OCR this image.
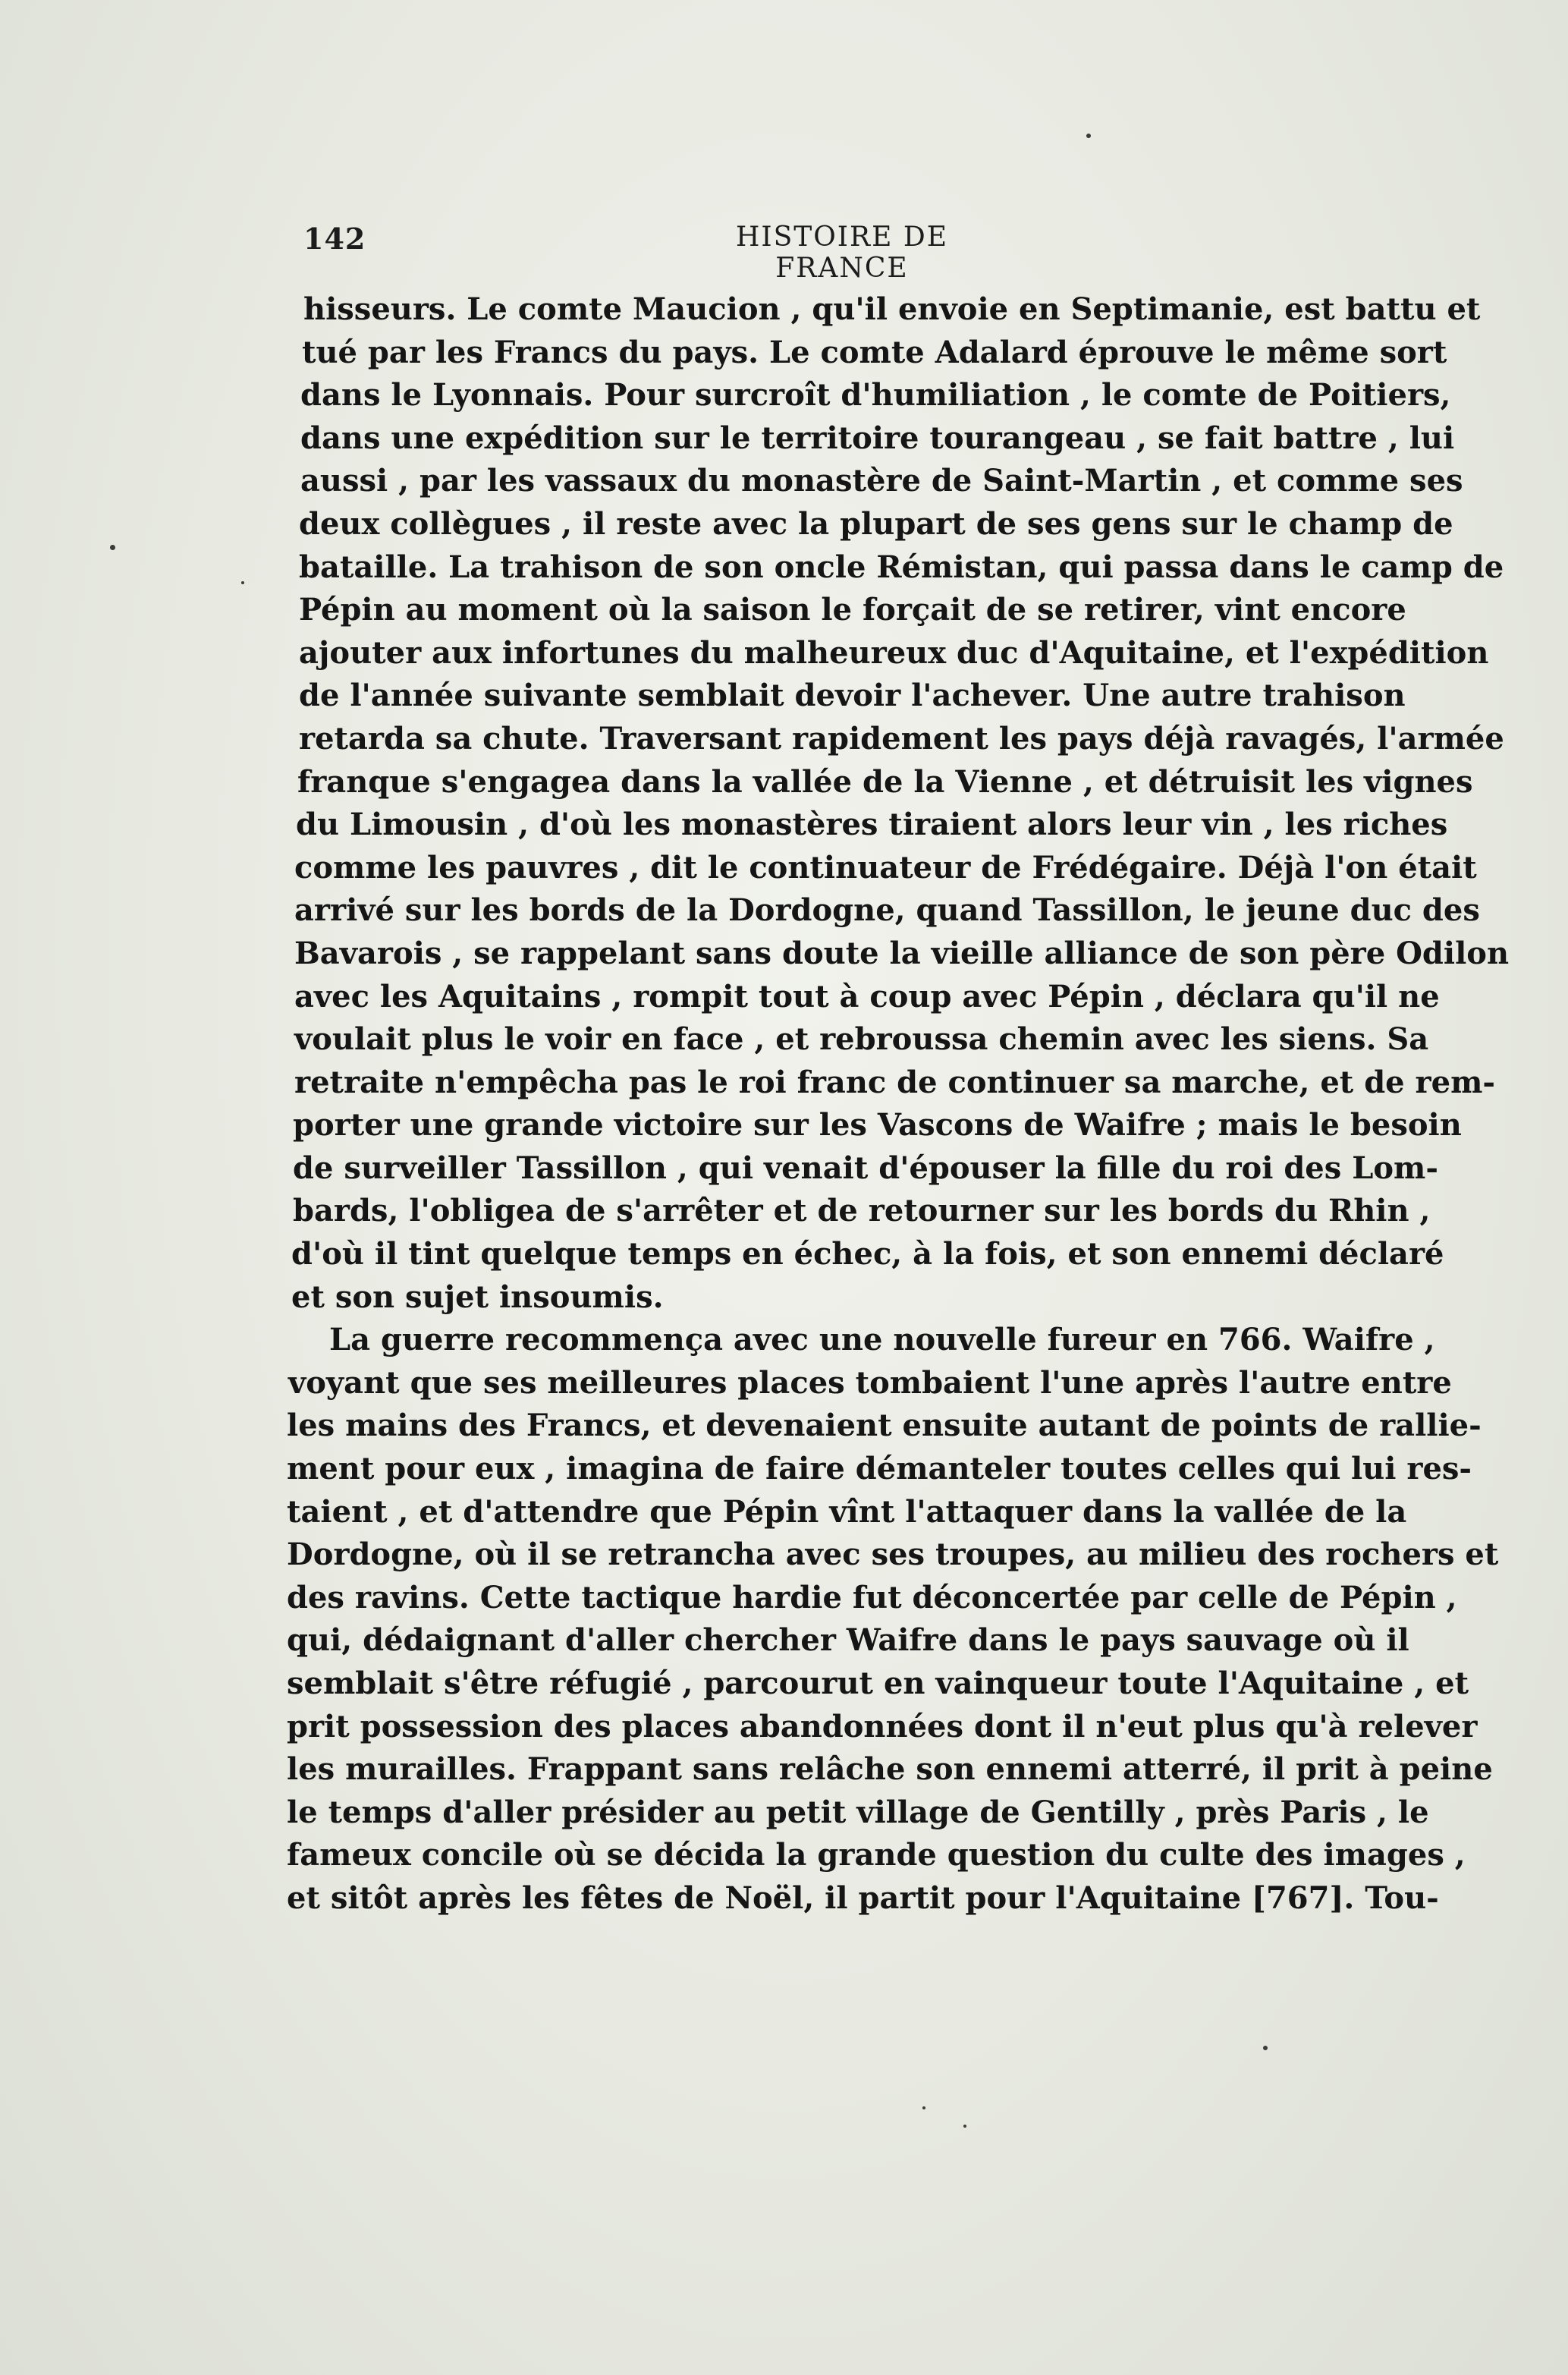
142	HISTOIRE DE FRANCE
hisseurs. Le comte Maucion , qu'il envoie en Septimanie, est battu et
tué par les Francs du pays. Le comte Adalard éprouve le même sort
dans le Lyonnais. Pour surcroît d'humiliation , le comte de Poitiers,
dans une expédition sur le territoire tourangeau , se fait battre , lui
aussi , par les vassaux du monastère de Saint-Martin , et comme ses
deux collègues , il reste avec la plupart de ses gens sur le champ de
bataille. La trahison de son oncle Rémistan, qui passa dans le camp de
Pépin au moment où la saison le forçait de se retirer, vint encore
ajouter aux infortunes du malheureux duc d'Aquitaine, et l'expédition
de l'année suivante semblait devoir l'achever. Une autre trahison
retarda sa chute. Traversant rapidement les pays déjà ravagés, l'armée
franque s'engagea dans la vallée de la Vienne , et détruisit les vignes
du Limousin , d'où les monastères tiraient alors leur vin , les riches
comme les pauvres , dit le continuateur de Frédégaire. Déjà l'on était
arrivé sur les bords de la Dordogne, quand Tassillon, le jeune duc des
Bavarois , se rappelant sans doute la vieille alliance de son père Odilon
avec les Aquitains , rompit tout à coup avec Pépin , déclara qu'il ne
voulait plus le voir en face , et rebroussa chemin avec les siens. Sa
retraite n'empêcha pas le roi franc de continuer sa marche, et de rem-
porter une grande victoire sur les Vascons de Waifre ; mais le besoin
de surveiller Tassillon , qui venait d'épouser la fille du roi des Lom-
bards, l'obligea de s'arrêter et de retourner sur les bords du Rhin ,
d'où il tint quelque temps en échec, à la fois, et son ennemi déclaré
et son sujet insoumis.
La guerre recommença avec une nouvelle fureur en 766. Waifre ,
voyant que ses meilleures places tombaient l'une après l'autre entre
les mains des Francs, et devenaient ensuite autant de points de rallie-
ment pour eux , imagina de faire démanteler toutes celles qui lui res-
taient , et d'attendre que Pépin vînt l'attaquer dans la vallée de la
Dordogne, où il se retrancha avec ses troupes, au milieu des rochers et
des ravins. Cette tactique hardie fut déconcertée par celle de Pépin ,
qui, dédaignant d'aller chercher Waifre dans le pays sauvage où il
semblait s'être réfugié , parcourut en vainqueur toute l'Aquitaine , et
prit possession des places abandonnées dont il n'eut plus qu'à relever
les murailles. Frappant sans relâche son ennemi atterré, il prit à peine
le temps d'aller présider au petit village de Gentilly , près Paris , le
fameux concile où se décida la grande question du culte des images ,
et sitôt après les fêtes de Noël, il partit pour l'Aquitaine [767]. Tou-
